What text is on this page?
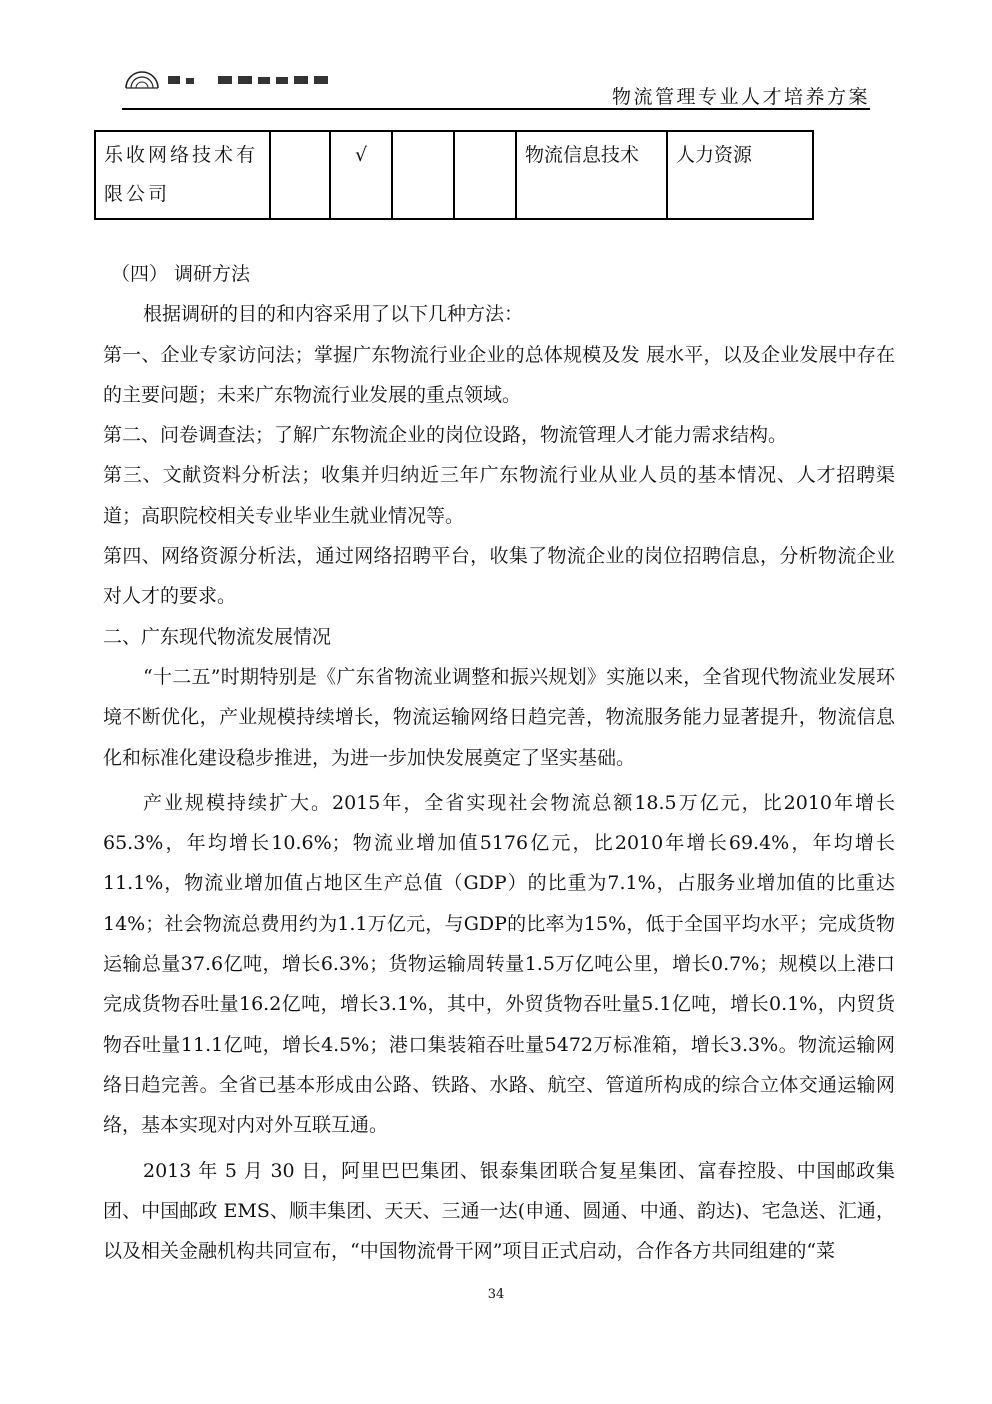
物流管理专业人才培养方案
乐收网络技术有限公司		√			物流信息技术	人力资源

（四） 调研方法

根据调研的目的和内容采用了以下几种方法：

第一、企业专家访问法；掌握广东物流行业企业的总体规模及发 展水平，以及企业发展中存在的主要问题；未来广东物流行业发展的重点领域。

第二、问卷调查法；了解广东物流企业的岗位设路，物流管理人才能力需求结构。

第三、文献资料分析法；收集并归纳近三年广东物流行业从业人员的基本情况、人才招聘渠道；高职院校相关专业毕业生就业情况等。

第四、网络资源分析法，通过网络招聘平台，收集了物流企业的岗位招聘信息，分析物流企业对人才的要求。

二、广东现代物流发展情况

“十二五”时期特别是《广东省物流业调整和振兴规划》实施以来，全省现代物流业发展环境不断优化，产业规模持续增长，物流运输网络日趋完善，物流服务能力显著提升，物流信息化和标准化建设稳步推进，为进一步加快发展奠定了坚实基础。

产业规模持续扩大。2015年，全省实现社会物流总额18.5万亿元，比2010年增长65.3%，年均增长10.6%；物流业增加值5176亿元，比2010年增长69.4%，年均增长11.1%，物流业增加值占地区生产总值（GDP）的比重为7.1%，占服务业增加值的比重达14%；社会物流总费用约为1.1万亿元，与GDP的比率为15%，低于全国平均水平；完成货物运输总量37.6亿吨，增长6.3%；货物运输周转量1.5万亿吨公里，增长0.7%；规模以上港口完成货物吞吐量16.2亿吨，增长3.1%，其中，外贸货物吞吐量5.1亿吨，增长0.1%，内贸货物吞吐量11.1亿吨，增长4.5%；港口集装箱吞吐量5472万标准箱，增长3.3%。物流运输网络日趋完善。全省已基本形成由公路、铁路、水路、航空、管道所构成的综合立体交通运输网络，基本实现对内对外互联互通。

2013 年 5 月 30 日，阿里巴巴集团、银泰集团联合复星集团、富春控股、中国邮政集团、中国邮政 EMS、顺丰集团、天天、三通一达(申通、圆通、中通、韵达)、宅急送、汇通，以及相关金融机构共同宣布，“中国物流骨干网”项目正式启动，合作各方共同组建的“菜

34
